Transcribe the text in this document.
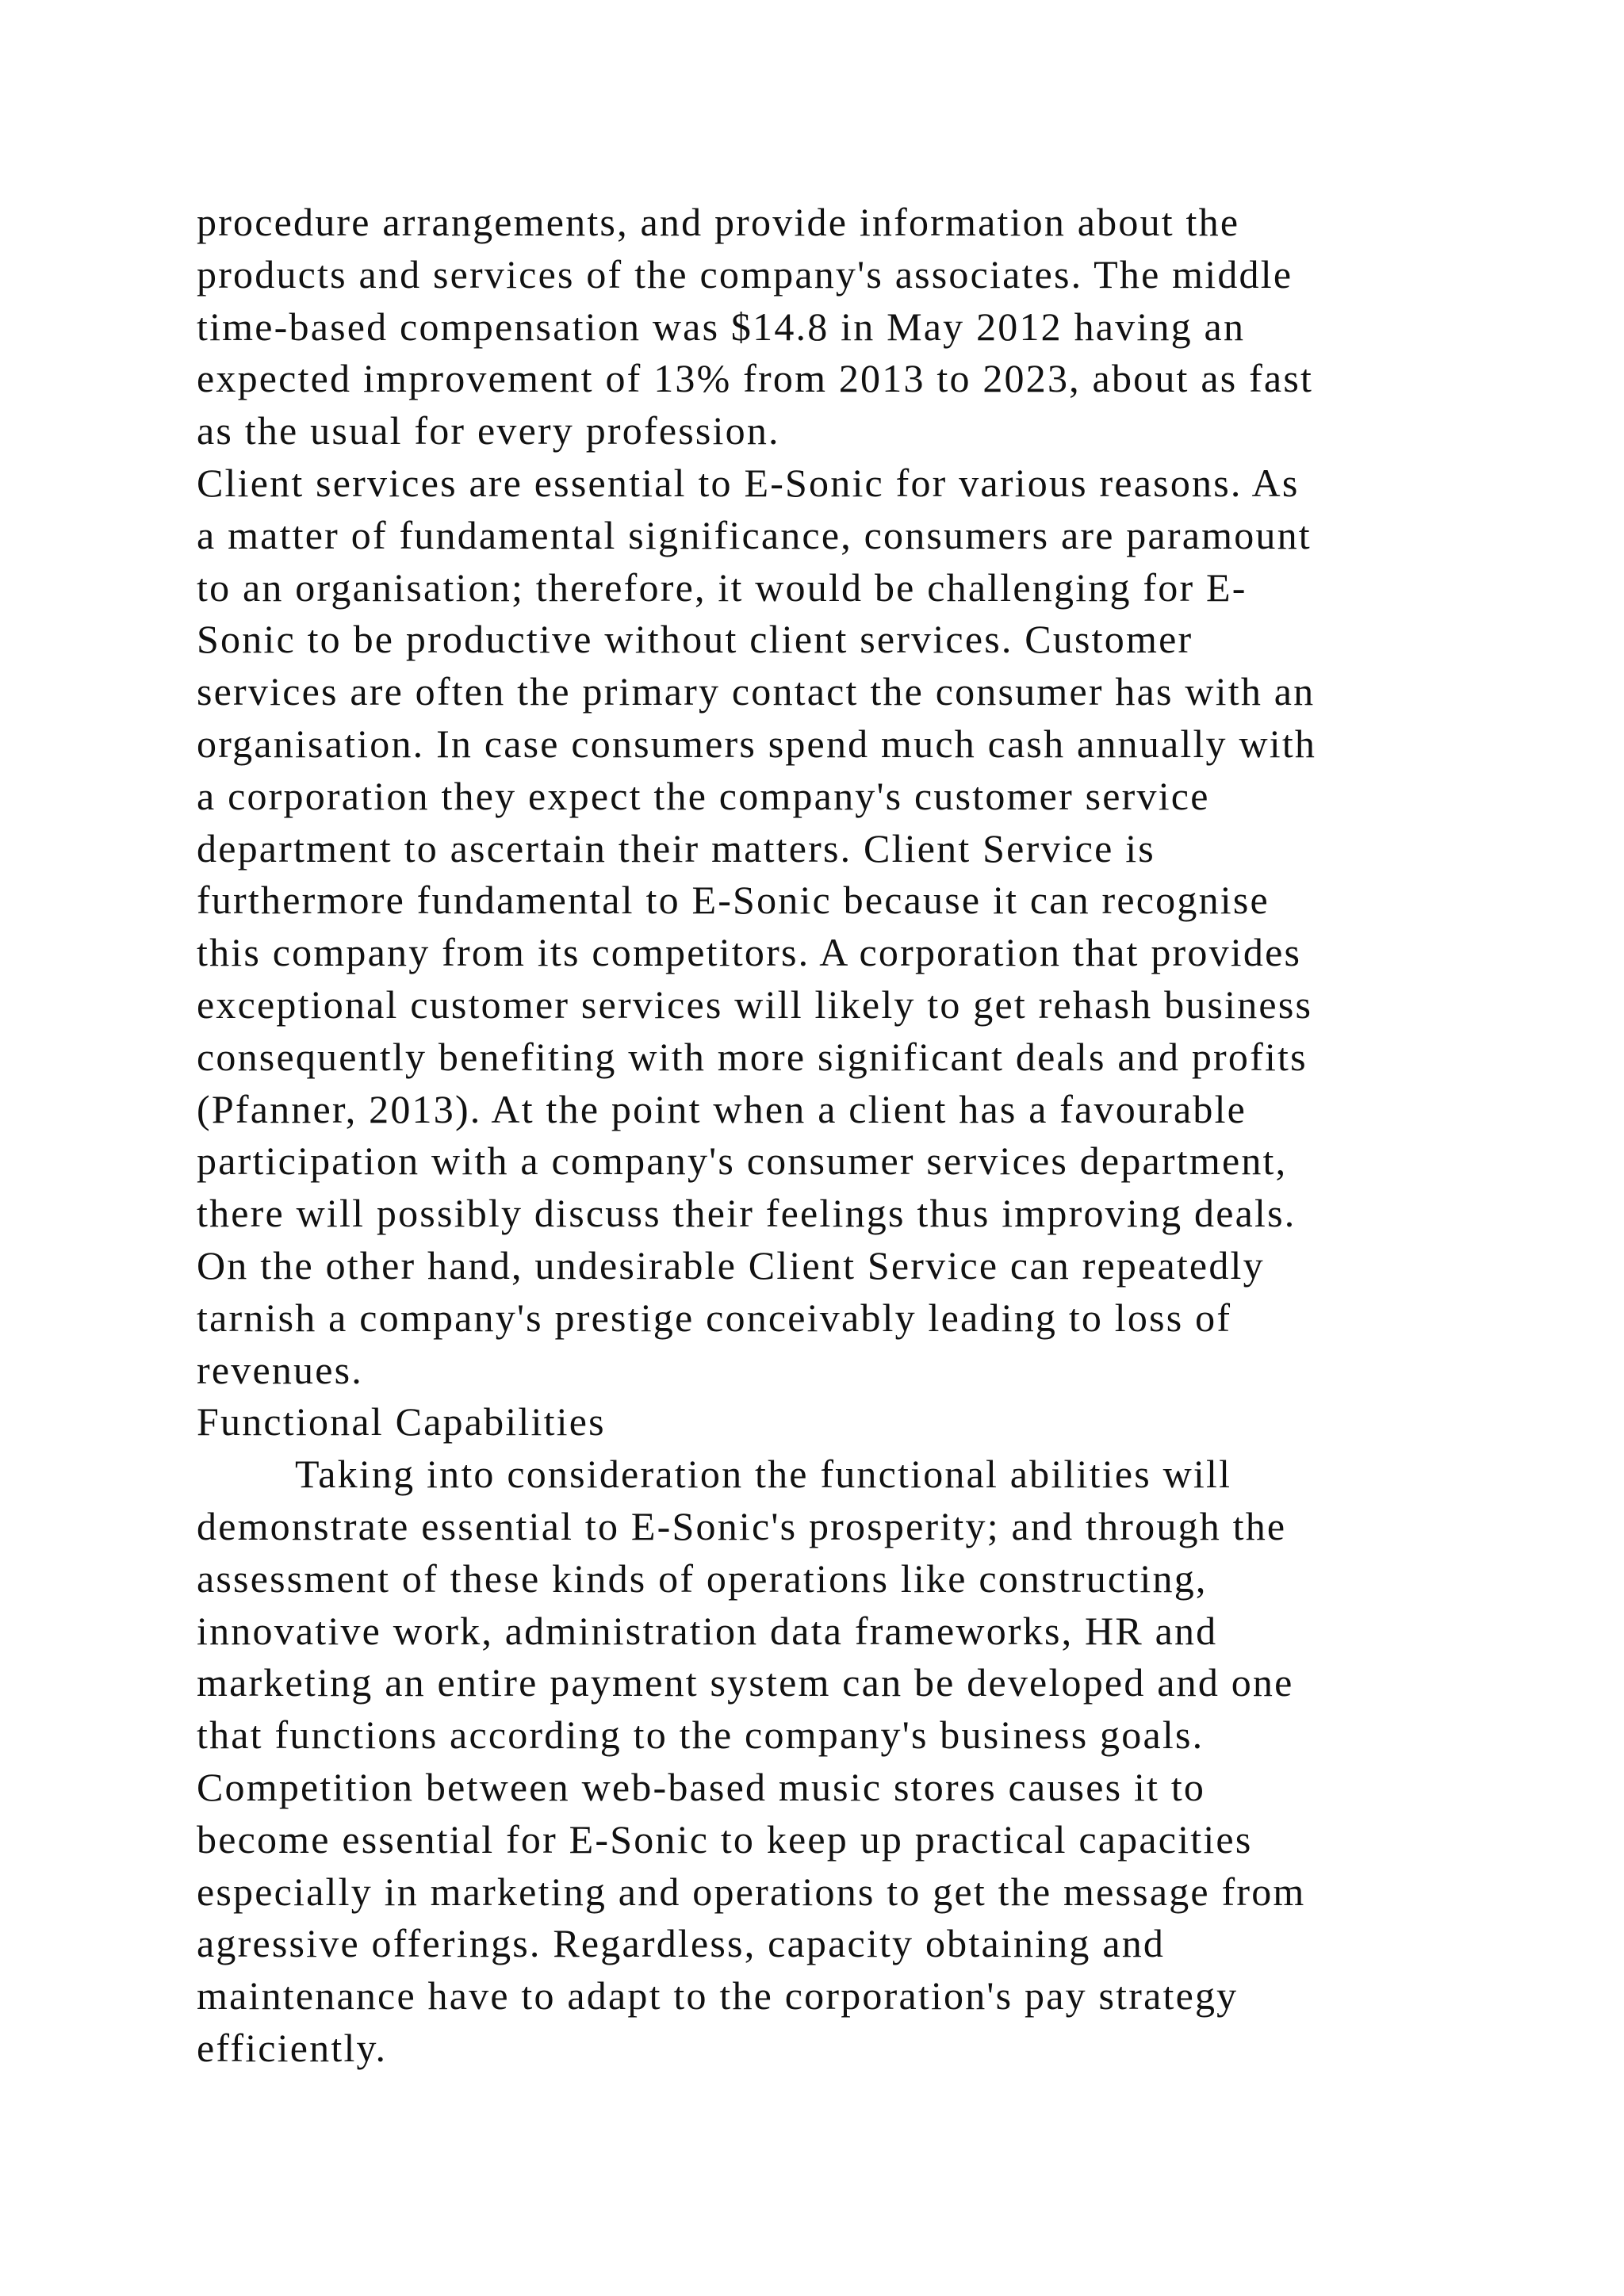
procedure arrangements, and provide information about the
products and services of the company's associates. The middle
time-based compensation was $14.8 in May 2012 having an
expected improvement of 13% from 2013 to 2023, about as fast
as the usual for every profession.
Client services are essential to E-Sonic for various reasons. As
a matter of fundamental significance, consumers are paramount
to an organisation; therefore, it would be challenging for E-
Sonic to be productive without client services. Customer
services are often the primary contact the consumer has with an
organisation. In case consumers spend much cash annually with
a corporation they expect the company's customer service
department to ascertain their matters. Client Service is
furthermore fundamental to E-Sonic because it can recognise
this company from its competitors. A corporation that provides
exceptional customer services will likely to get rehash business
consequently benefiting with more significant deals and profits
(Pfanner, 2013). At the point when a client has a favourable
participation with a company's consumer services department,
there will possibly discuss their feelings thus improving deals.
On the other hand, undesirable Client Service can repeatedly
tarnish a company's prestige conceivably leading to loss of
revenues.
Functional Capabilities
Taking into consideration the functional abilities will
demonstrate essential to E-Sonic's prosperity; and through the
assessment of these kinds of operations like constructing,
innovative work, administration data frameworks, HR and
marketing an entire payment system can be developed and one
that functions according to the company's business goals.
Competition between web-based music stores causes it to
become essential for E-Sonic to keep up practical capacities
especially in marketing and operations to get the message from
agressive offerings. Regardless, capacity obtaining and
maintenance have to adapt to the corporation's pay strategy
efficiently.
